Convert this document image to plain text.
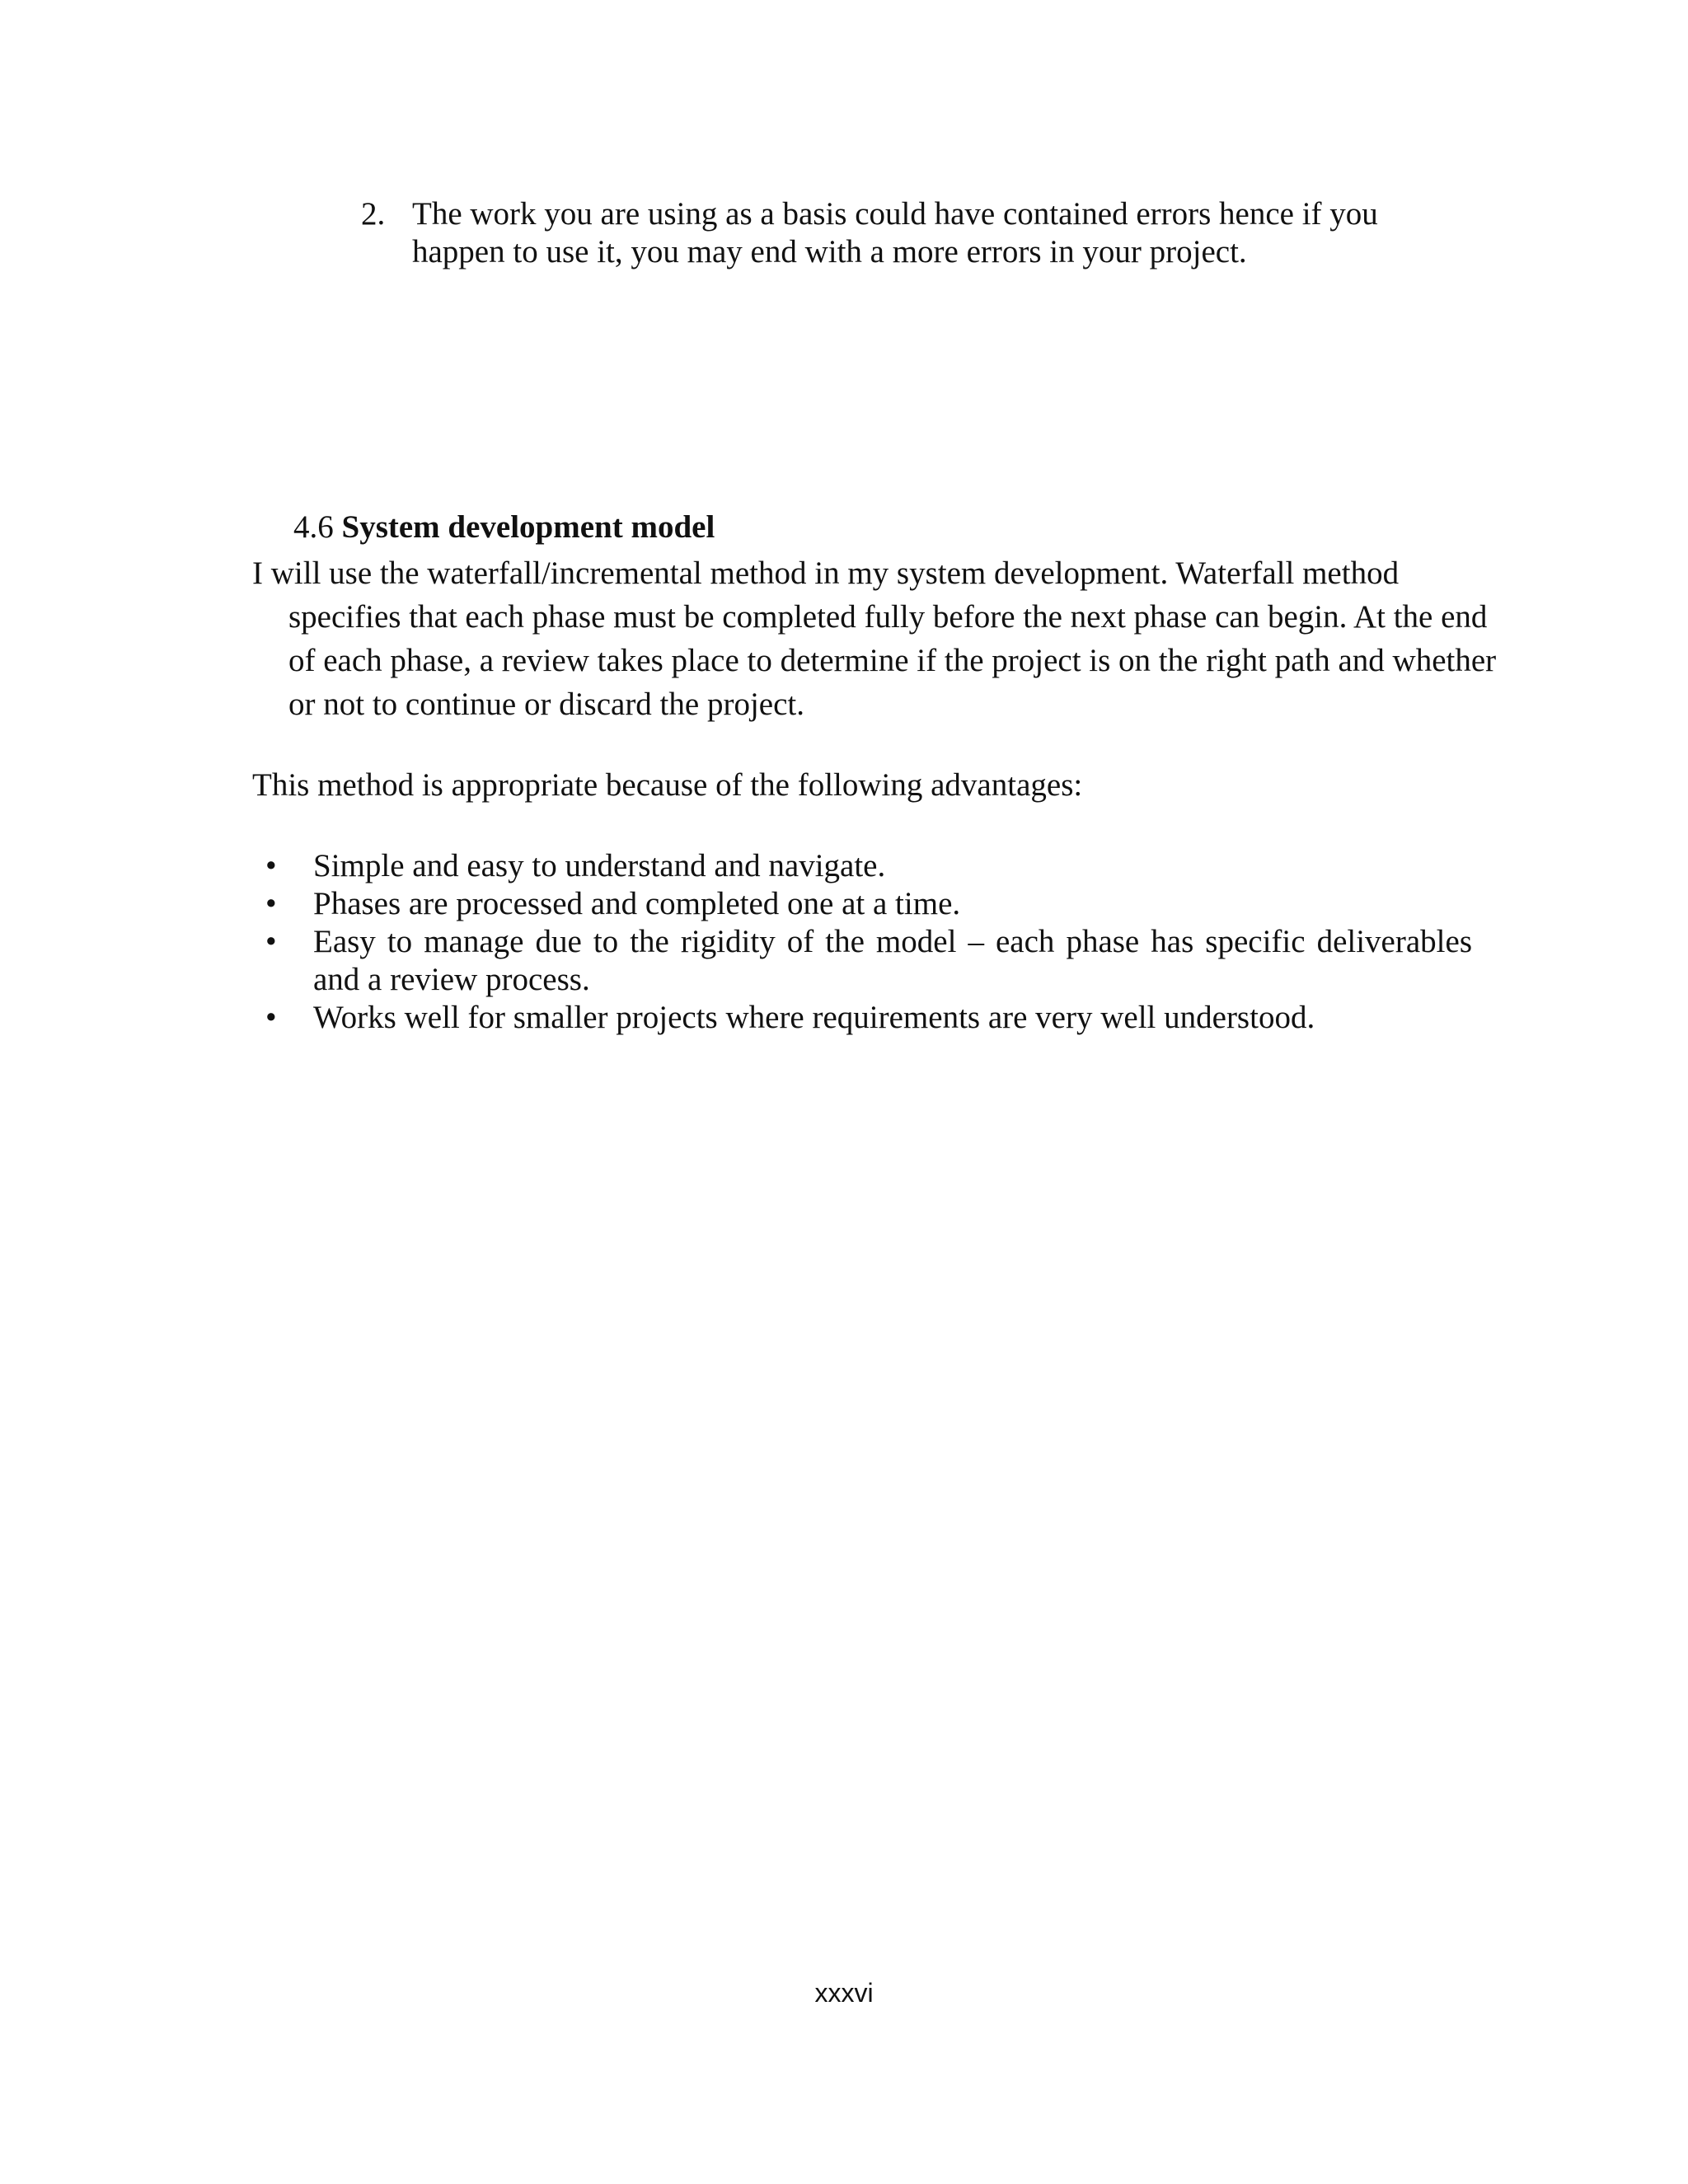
2. The work you are using as a basis could have contained errors hence if you happen to use it, you may end with a more errors in your project.
4.6 System development model
I will use the waterfall/incremental method in my system development. Waterfall method specifies that each phase must be completed fully before the next phase can begin. At the end of each phase, a review takes place to determine if the project is on the right path and whether or not to continue or discard the project.
This method is appropriate because of the following advantages:
• Simple and easy to understand and navigate.
• Phases are processed and completed one at a time.
• Easy to manage due to the rigidity of the model – each phase has specific deliverables and a review process.
• Works well for smaller projects where requirements are very well understood.
xxxvi
